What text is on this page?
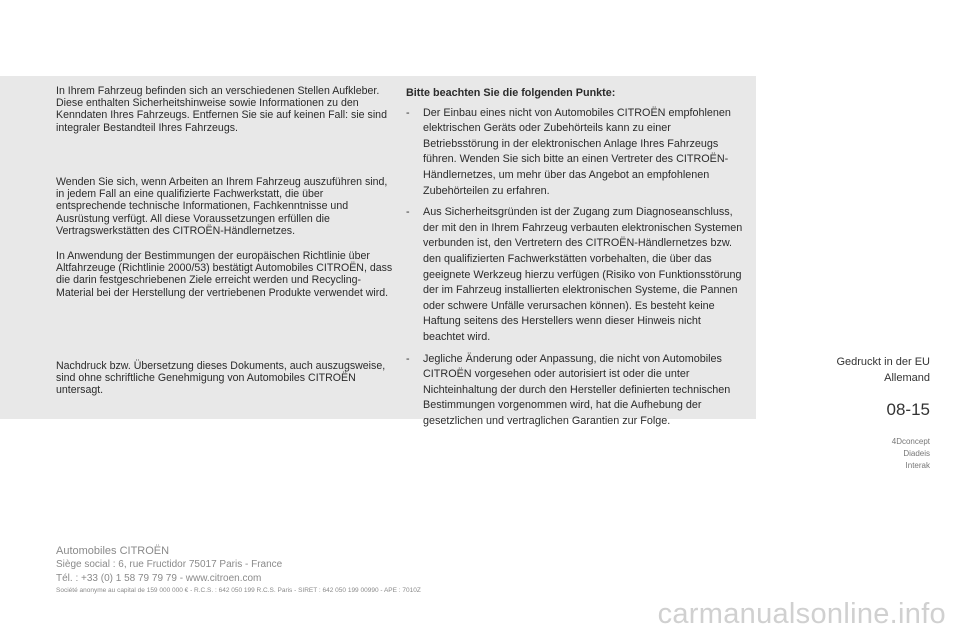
In Ihrem Fahrzeug befinden sich an verschiedenen Stellen Aufkleber. Diese enthalten Sicherheitshinweise sowie Informationen zu den Kenndaten Ihres Fahrzeugs. Entfernen Sie sie auf keinen Fall: sie sind integraler Bestandteil Ihres Fahrzeugs.

Wenden Sie sich, wenn Arbeiten an Ihrem Fahrzeug auszuführen sind, in jedem Fall an eine qualifizierte Fachwerkstatt, die über entsprechende technische Informationen, Fachkenntnisse und Ausrüstung verfügt. All diese Voraussetzungen erfüllen die Vertragswerkstätten des CITROËN-Händlernetzes.

In Anwendung der Bestimmungen der europäischen Richtlinie über Altfahrzeuge (Richtlinie 2000/53) bestätigt Automobiles CITROËN, dass die darin festgeschriebenen Ziele erreicht werden und Recycling-Material bei der Herstellung der vertriebenen Produkte verwendet wird.

Nachdruck bzw. Übersetzung dieses Dokuments, auch auszugsweise, sind ohne schriftliche Genehmigung von Automobiles CITROËN untersagt.

Bitte beachten Sie die folgenden Punkte:

- Der Einbau eines nicht von Automobiles CITROËN empfohlenen elektrischen Geräts oder Zubehörteils kann zu einer Betriebsstörung in der elektronischen Anlage Ihres Fahrzeugs führen. Wenden Sie sich bitte an einen Vertreter des CITROËN-Händlernetzes, um mehr über das Angebot an empfohlenen Zubehörteilen zu erfahren.
- Aus Sicherheitsgründen ist der Zugang zum Diagnoseanschluss, der mit den in Ihrem Fahrzeug verbauten elektronischen Systemen verbunden ist, den Vertretern des CITROËN-Händlernetzes bzw. den qualifizierten Fachwerkstätten vorbehalten, die über das geeignete Werkzeug hierzu verfügen (Risiko von Funktionsstörung der im Fahrzeug installierten elektronischen Systeme, die Pannen oder schwere Unfälle verursachen können). Es besteht keine Haftung seitens des Herstellers wenn dieser Hinweis nicht beachtet wird.
- Jegliche Änderung oder Anpassung, die nicht von Automobiles CITROËN vorgesehen oder autorisiert ist oder die unter Nichteinhaltung der durch den Hersteller definierten technischen Bestimmungen vorgenommen wird, hat die Aufhebung der gesetzlichen und vertraglichen Garantien zur Folge.
Gedruckt in der EU
Allemand
08-15
4Dconcept
Diadeis
Interak
Automobiles CITROËN
Siège social : 6, rue Fructidor 75017 Paris - France
Tél. : +33 (0) 1 58 79 79 79 - www.citroen.com
Société anonyme au capital de 159 000 000 € - R.C.S. : 642 050 199 R.C.S. Paris - SIRET : 642 050 199 00990 - APE : 7010Z
carmanualsonline.info
